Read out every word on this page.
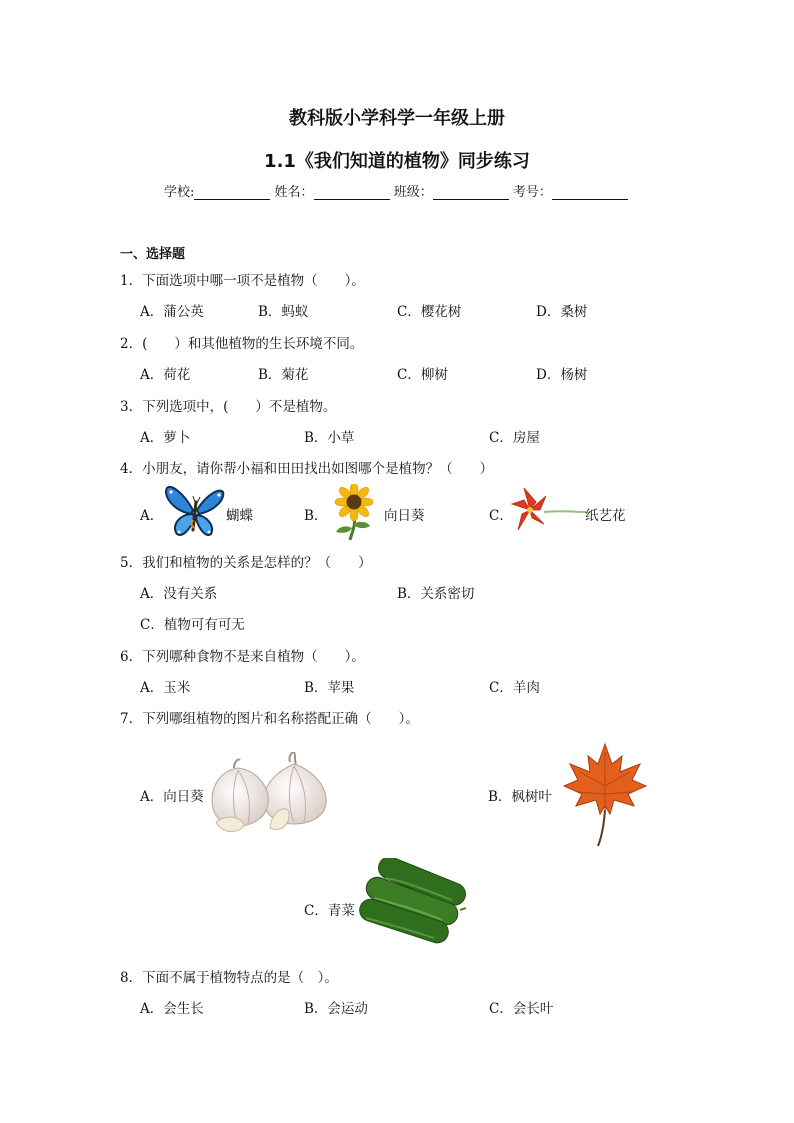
教科版小学科学一年级上册
1.1《我们知道的植物》同步练习
学校:	姓名：	班级：	考号：
一、选择题
1．下面选项中哪一项不是植物（　　）。
A．蒲公英	B．蚂蚁	C．樱花树	D．桑树
2．(　　）和其他植物的生长环境不同。
A．荷花	B．菊花	C．柳树	D．杨树
3．下列选项中，(　　）不是植物。
A．萝卜	B．小草	C．房屋
4．小朋友，请你帮小福和田田找出如图哪个是植物？（　　）
A．	蝴蝶	B．	向日葵	C．	纸艺花
5．我们和植物的关系是怎样的？（　　）
A．没有关系	B．关系密切
C．植物可有可无
6．下列哪种食物不是来自植物（　　）。
A．玉米	B．苹果	C．羊肉
7．下列哪组植物的图片和名称搭配正确（　　）。
A．向日葵	B．枫树叶
C．青菜
8．下面不属于植物特点的是（　）。
A．会生长	B．会运动	C．会长叶
